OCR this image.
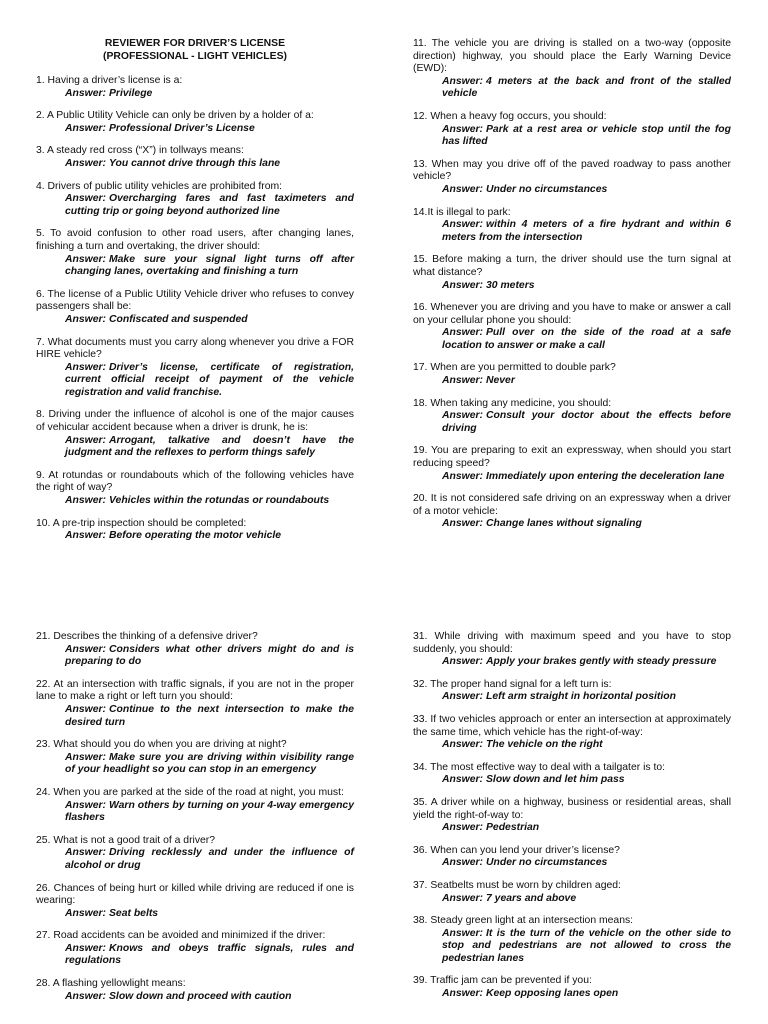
REVIEWER FOR DRIVER’S LICENSE
(PROFESSIONAL - LIGHT VEHICLES)
1. Having a driver’s license is a:
Answer: Privilege
2. A Public Utility Vehicle can only be driven by a holder of a:
Answer: Professional Driver’s License
3. A steady red cross (“X”) in tollways means:
Answer: You cannot drive through this lane
4. Drivers of public utility vehicles are prohibited from:
Answer: Overcharging fares and fast taximeters and cutting trip or going beyond authorized line
5. To avoid confusion to other road users, after changing lanes, finishing a turn and overtaking, the driver should:
Answer: Make sure your signal light turns off after changing lanes, overtaking and finishing a turn
6. The license of a Public Utility Vehicle driver who refuses to convey passengers shall be:
Answer: Confiscated and suspended
7. What documents must you carry along whenever you drive a FOR HIRE vehicle?
Answer: Driver’s license, certificate of registration, current official receipt of payment of the vehicle registration and valid franchise.
8. Driving under the influence of alcohol is one of the major causes of vehicular accident because when a driver is drunk, he is:
Answer: Arrogant, talkative and doesn’t have the judgment and the reflexes to perform things safely
9. At rotundas or roundabouts which of the following vehicles have the right of way?
Answer: Vehicles within the rotundas or roundabouts
10. A pre-trip inspection should be completed:
Answer: Before operating the motor vehicle
11. The vehicle you are driving is stalled on a two-way (opposite direction) highway, you should place the Early Warning Device (EWD):
Answer: 4 meters at the back and front of the stalled vehicle
12. When a heavy fog occurs, you should:
Answer: Park at a rest area or vehicle stop until the fog has lifted
13. When may you drive off of the paved roadway to pass another vehicle?
Answer: Under no circumstances
14.It is illegal to park:
Answer: within 4 meters of a fire hydrant and within 6 meters from the intersection
15. Before making a turn, the driver should use the turn signal at what distance?
Answer: 30 meters
16. Whenever you are driving and you have to make or answer a call on your cellular phone you should:
Answer: Pull over on the side of the road at a safe location to answer or make a call
17. When are you permitted to double park?
Answer: Never
18. When taking any medicine, you should:
Answer: Consult your doctor about the effects before driving
19. You are preparing to exit an expressway, when should you start reducing speed?
Answer: Immediately upon entering the deceleration lane
20. It is not considered safe driving on an expressway when a driver of a motor vehicle:
Answer: Change lanes without signaling
21. Describes the thinking of a defensive driver?
Answer: Considers what other drivers might do and is preparing to do
22. At an intersection with traffic signals, if you are not in the proper lane to make a right or left turn you should:
Answer: Continue to the next intersection to make the desired turn
23. What should you do when you are driving at night?
Answer: Make sure you are driving within visibility range of your headlight so you can stop in an emergency
24. When you are parked at the side of the road at night, you must:
Answer: Warn others by turning on your 4-way emergency flashers
25. What is not a good trait of a driver?
Answer: Driving recklessly and under the influence of alcohol or drug
26. Chances of being hurt or killed while driving are reduced if one is wearing:
Answer: Seat belts
27. Road accidents can be avoided and minimized if the driver:
Answer: Knows and obeys traffic signals, rules and regulations
28. A flashing yellowlight means:
Answer: Slow down and proceed with caution
31. While driving with maximum speed and you have to stop suddenly, you should:
Answer: Apply your brakes gently with steady pressure
32. The proper hand signal for a left turn is:
Answer: Left arm straight in horizontal position
33. If two vehicles approach or enter an intersection at approximately the same time, which vehicle has the right-of-way:
Answer: The vehicle on the right
34. The most effective way to deal with a tailgater is to:
Answer: Slow down and let him pass
35. A driver while on a highway, business or residential areas, shall yield the right-of-way to:
Answer: Pedestrian
36. When can you lend your driver’s license?
Answer: Under no circumstances
37. Seatbelts must be worn by children aged:
Answer: 7 years and above
38. Steady green light at an intersection means:
Answer: It is the turn of the vehicle on the other side to stop and pedestrians are not allowed to cross the pedestrian lanes
39. Traffic jam can be prevented if you:
Answer: Keep opposing lanes open
